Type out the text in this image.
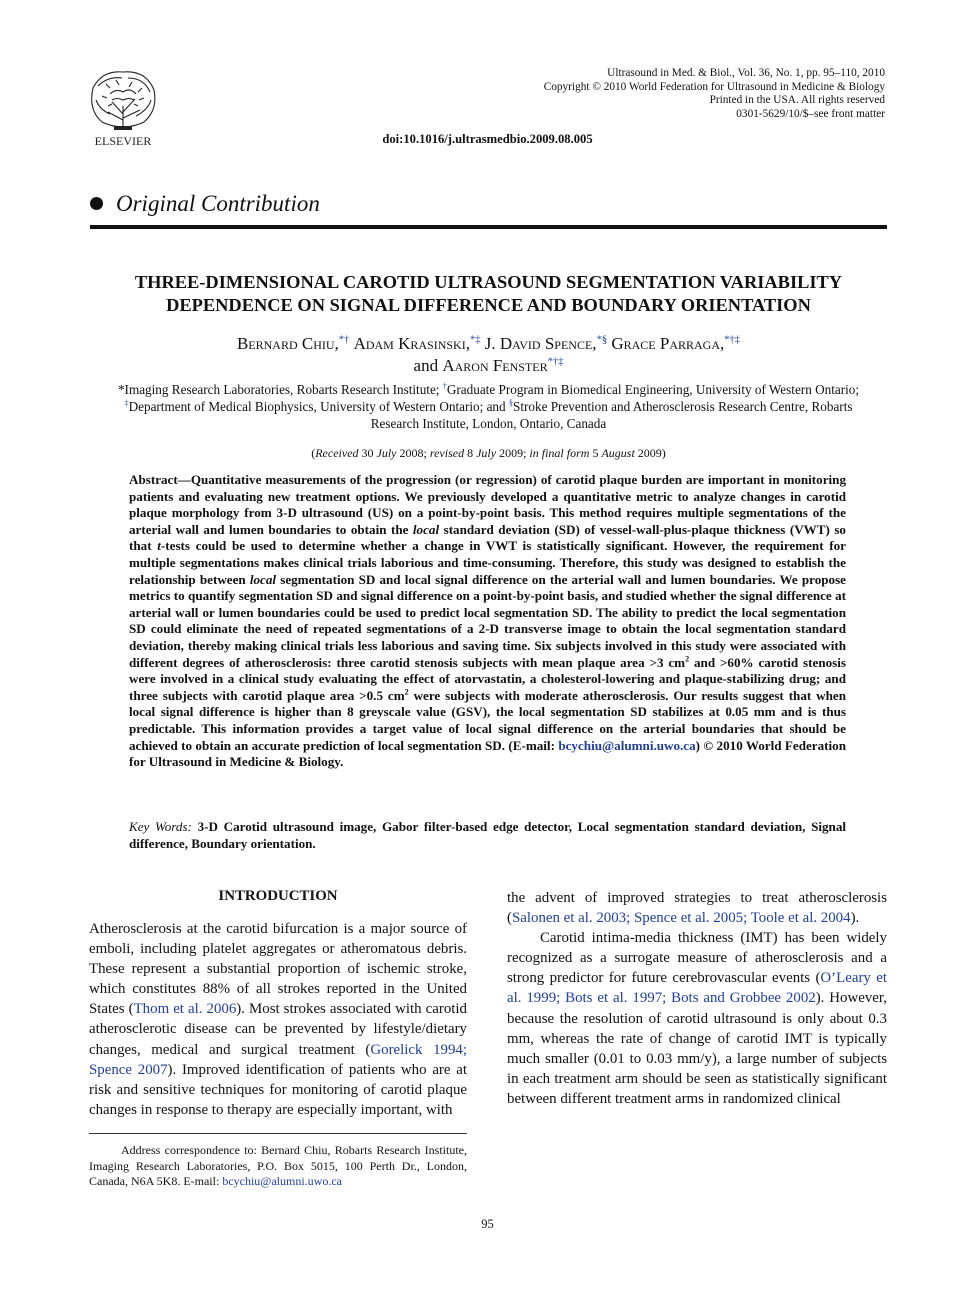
ELSEVIER
Ultrasound in Med. & Biol., Vol. 36, No. 1, pp. 95–110, 2010
Copyright © 2010 World Federation for Ultrasound in Medicine & Biology
Printed in the USA. All rights reserved
0301-5629/10/$–see front matter
doi:10.1016/j.ultrasmedbio.2009.08.005
Original Contribution
THREE-DIMENSIONAL CAROTID ULTRASOUND SEGMENTATION VARIABILITY
DEPENDENCE ON SIGNAL DIFFERENCE AND BOUNDARY ORIENTATION
Bernard Chiu,*† Adam Krasinski,*‡ J. David Spence,*§ Grace Parraga,*†‡
and Aaron Fenster*†‡
*Imaging Research Laboratories, Robarts Research Institute; †Graduate Program in Biomedical Engineering, University of Western Ontario; ‡Department of Medical Biophysics, University of Western Ontario; and §Stroke Prevention and Atherosclerosis Research Centre, Robarts Research Institute, London, Ontario, Canada
(Received 30 July 2008; revised 8 July 2009; in final form 5 August 2009)
Abstract—Quantitative measurements of the progression (or regression) of carotid plaque burden are important in monitoring patients and evaluating new treatment options. We previously developed a quantitative metric to analyze changes in carotid plaque morphology from 3-D ultrasound (US) on a point-by-point basis. This method requires multiple segmentations of the arterial wall and lumen boundaries to obtain the local standard deviation (SD) of vessel-wall-plus-plaque thickness (VWT) so that t-tests could be used to determine whether a change in VWT is statistically significant. However, the requirement for multiple segmentations makes clinical trials laborious and time-consuming. Therefore, this study was designed to establish the relationship between local segmentation SD and local signal difference on the arterial wall and lumen boundaries. We propose metrics to quantify segmentation SD and signal difference on a point-by-point basis, and studied whether the signal difference at arterial wall or lumen boundaries could be used to predict local segmentation SD. The ability to predict the local segmentation SD could eliminate the need of repeated segmentations of a 2-D transverse image to obtain the local segmentation standard deviation, thereby making clinical trials less laborious and saving time. Six subjects involved in this study were associated with different degrees of atherosclerosis: three carotid stenosis subjects with mean plaque area >3 $cm^2$ and >60% carotid stenosis were involved in a clinical study evaluating the effect of atorvastatin, a cholesterol-lowering and plaque-stabilizing drug; and three subjects with carotid plaque area >0.5 $cm^2$ were subjects with moderate atherosclerosis. Our results suggest that when local signal difference is higher than 8 greyscale value (GSV), the local segmentation SD stabilizes at 0.05 mm and is thus predictable. This information provides a target value of local signal difference on the arterial boundaries that should be achieved to obtain an accurate prediction of local segmentation SD. (E-mail: bcychiu@alumni.uwo.ca) © 2010 World Federation for Ultrasound in Medicine & Biology.
Key Words: 3-D Carotid ultrasound image, Gabor filter-based edge detector, Local segmentation standard deviation, Signal difference, Boundary orientation.
INTRODUCTION

Atherosclerosis at the carotid bifurcation is a major source of emboli, including platelet aggregates or atheromatous debris. These represent a substantial proportion of ischemic stroke, which constitutes 88% of all strokes reported in the United States (Thom et al. 2006). Most strokes associated with carotid atherosclerotic disease can be prevented by lifestyle/dietary changes, medical and surgical treatment (Gorelick 1994; Spence 2007). Improved identification of patients who are at risk and sensitive techniques for monitoring of carotid plaque changes in response to therapy are especially important, with

the advent of improved strategies to treat atherosclerosis (Salonen et al. 2003; Spence et al. 2005; Toole et al. 2004).

Carotid intima-media thickness (IMT) has been widely recognized as a surrogate measure of atherosclerosis and a strong predictor for future cerebrovascular events (O’Leary et al. 1999; Bots et al. 1997; Bots and Grobbee 2002). However, because the resolution of carotid ultrasound is only about 0.3 mm, whereas the rate of change of carotid IMT is typically much smaller (0.01 to 0.03 mm/y), a large number of subjects in each treatment arm should be seen as statistically significant between different treatment arms in randomized clinical

Address correspondence to: Bernard Chiu, Robarts Research Institute, Imaging Research Laboratories, P.O. Box 5015, 100 Perth Dr., London, Canada, N6A 5K8. E-mail: bcychiu@alumni.uwo.ca
95
